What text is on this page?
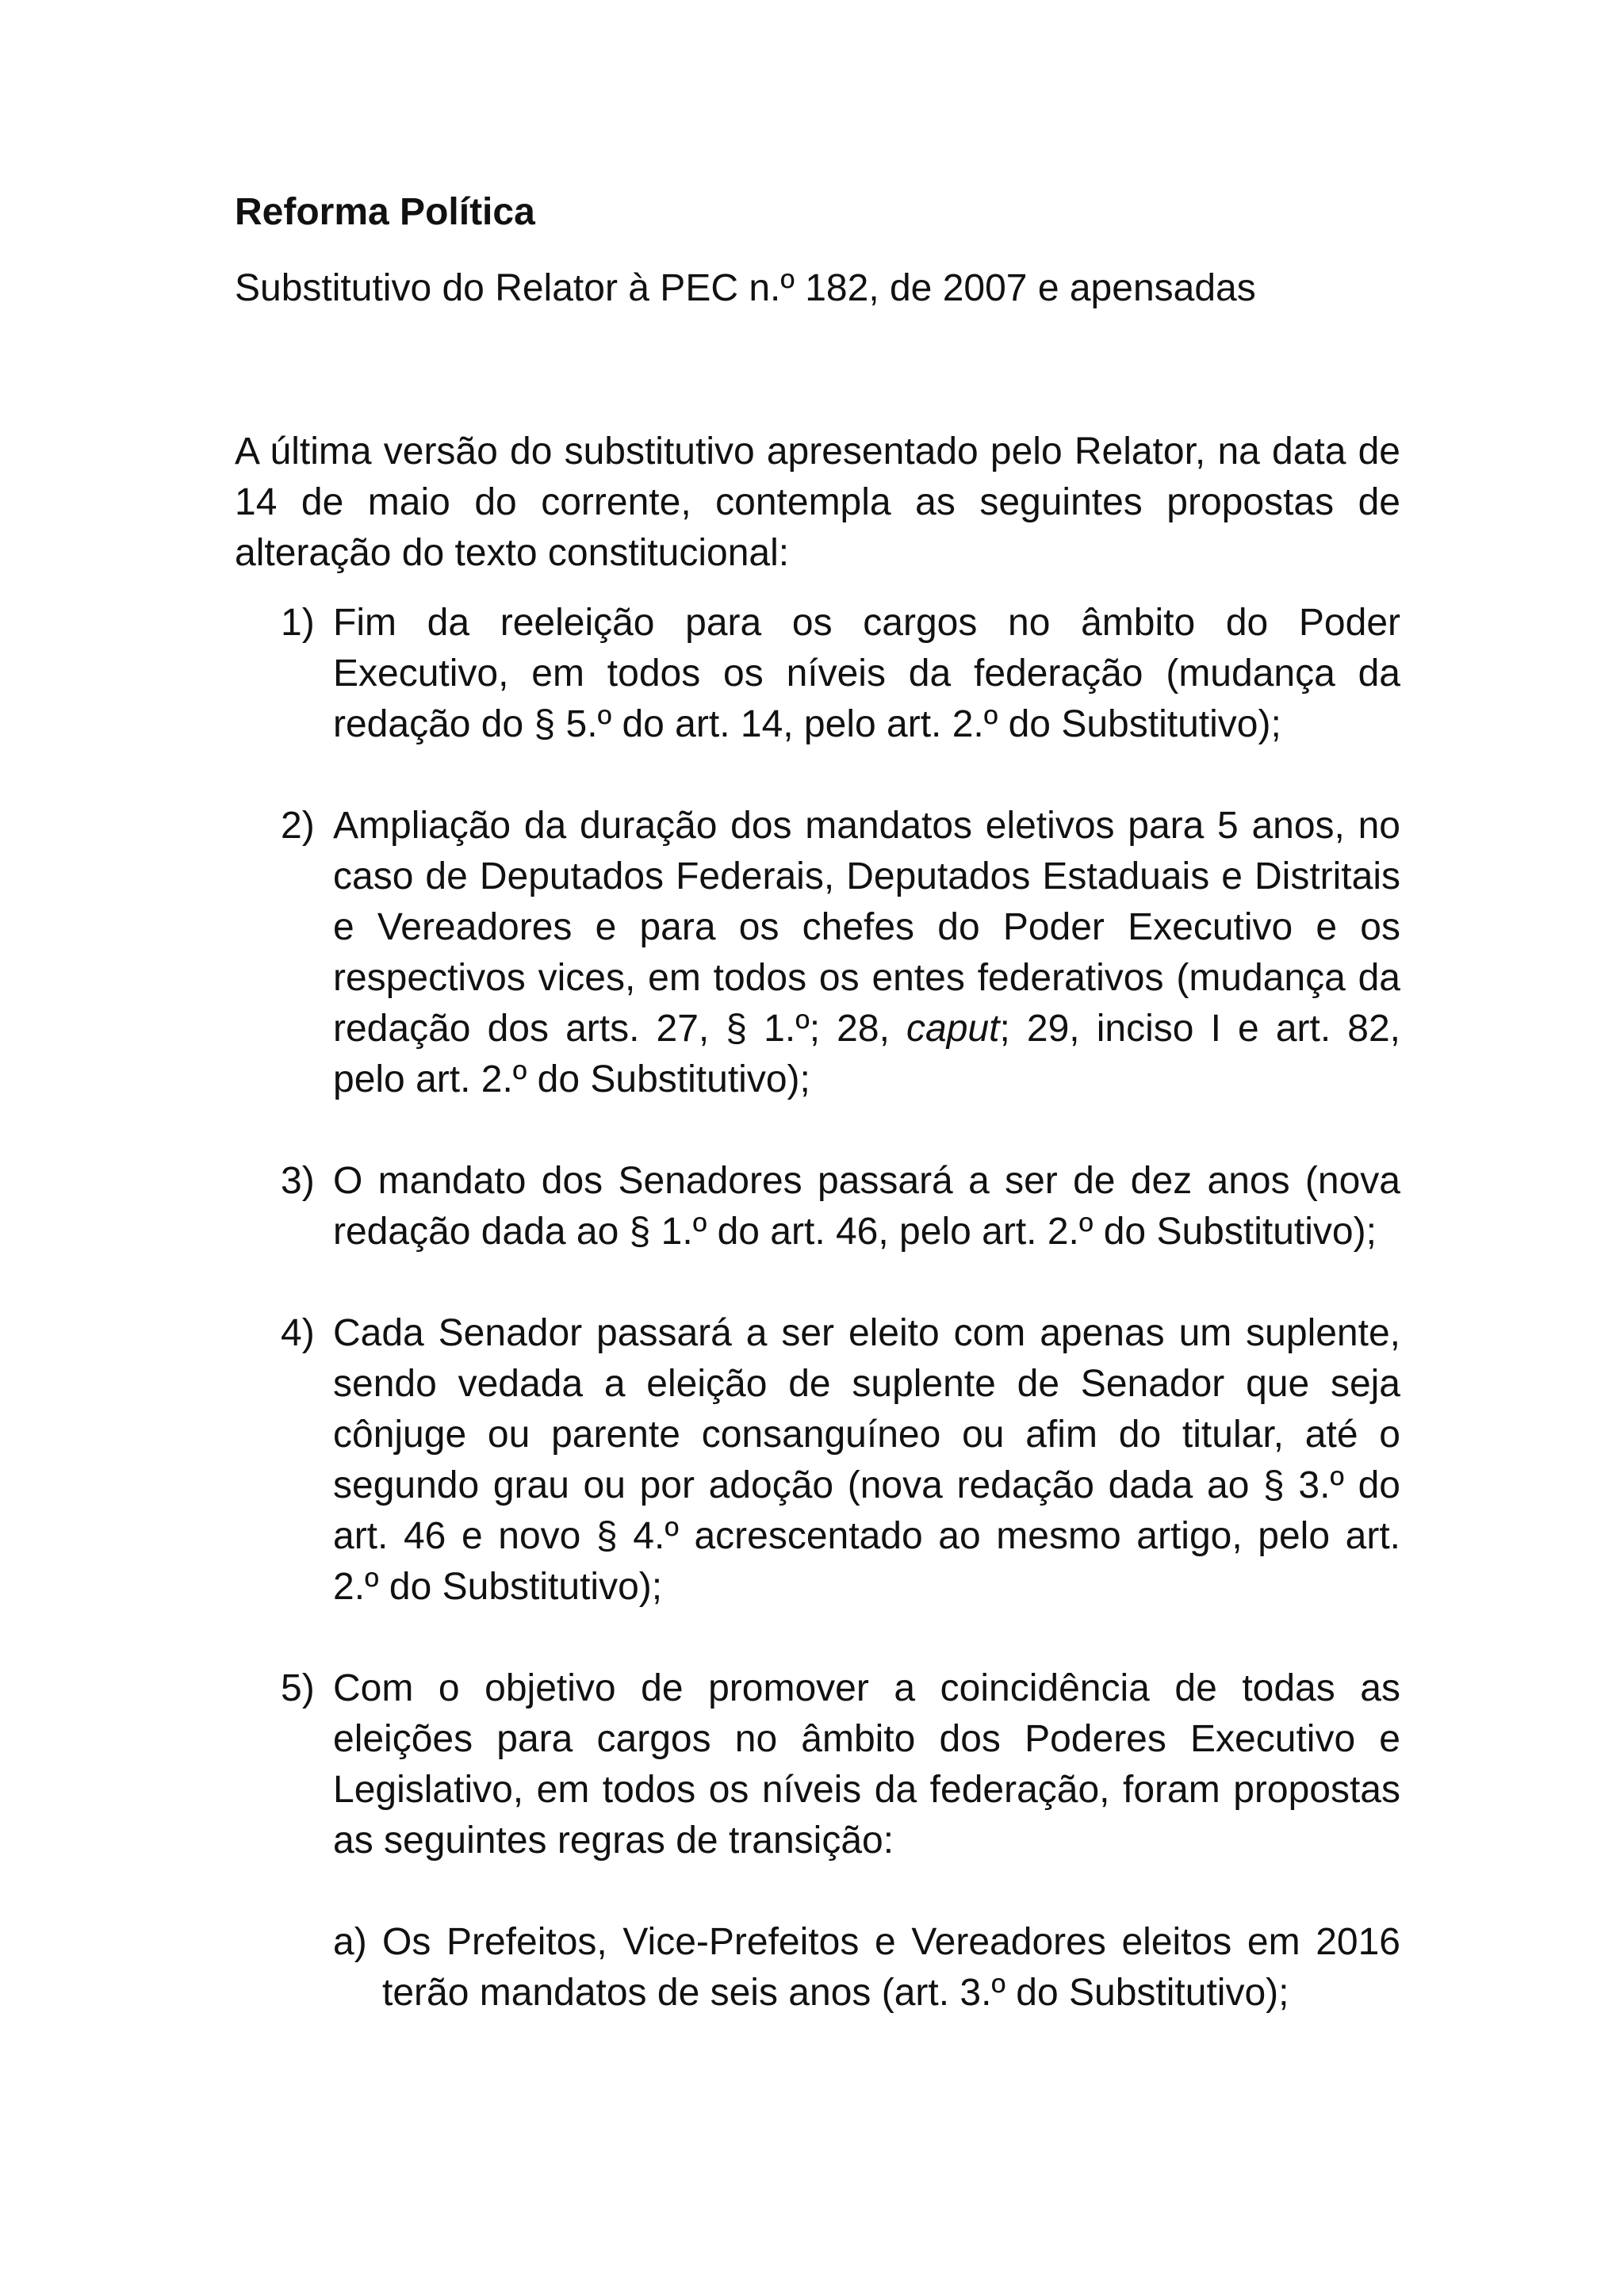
Reforma Política

Substitutivo do Relator à PEC n.º 182, de 2007 e apensadas

A última versão do substitutivo apresentado pelo Relator, na data de 14 de maio do corrente, contempla as seguintes propostas de alteração do texto constitucional:

1) Fim da reeleição para os cargos no âmbito do Poder Executivo, em todos os níveis da federação (mudança da redação do § 5.º do art. 14, pelo art. 2.º do Substitutivo);
2) Ampliação da duração dos mandatos eletivos para 5 anos, no caso de Deputados Federais, Deputados Estaduais e Distritais e Vereadores e para os chefes do Poder Executivo e os respectivos vices, em todos os entes federativos (mudança da redação dos arts. 27, § 1.º; 28, caput; 29, inciso I e art. 82, pelo art. 2.º do Substitutivo);
3) O mandato dos Senadores passará a ser de dez anos (nova redação dada ao § 1.º do art. 46, pelo art. 2.º do Substitutivo);
4) Cada Senador passará a ser eleito com apenas um suplente, sendo vedada a eleição de suplente de Senador que seja cônjuge ou parente consanguíneo ou afim do titular, até o segundo grau ou por adoção (nova redação dada ao § 3.º do art. 46 e novo § 4.º acrescentado ao mesmo artigo, pelo art. 2.º do Substitutivo);
5) Com o objetivo de promover a coincidência de todas as eleições para cargos no âmbito dos Poderes Executivo e Legislativo, em todos os níveis da federação, foram propostas as seguintes regras de transição:
a) Os Prefeitos, Vice-Prefeitos e Vereadores eleitos em 2016 terão mandatos de seis anos (art. 3.º do Substitutivo);
